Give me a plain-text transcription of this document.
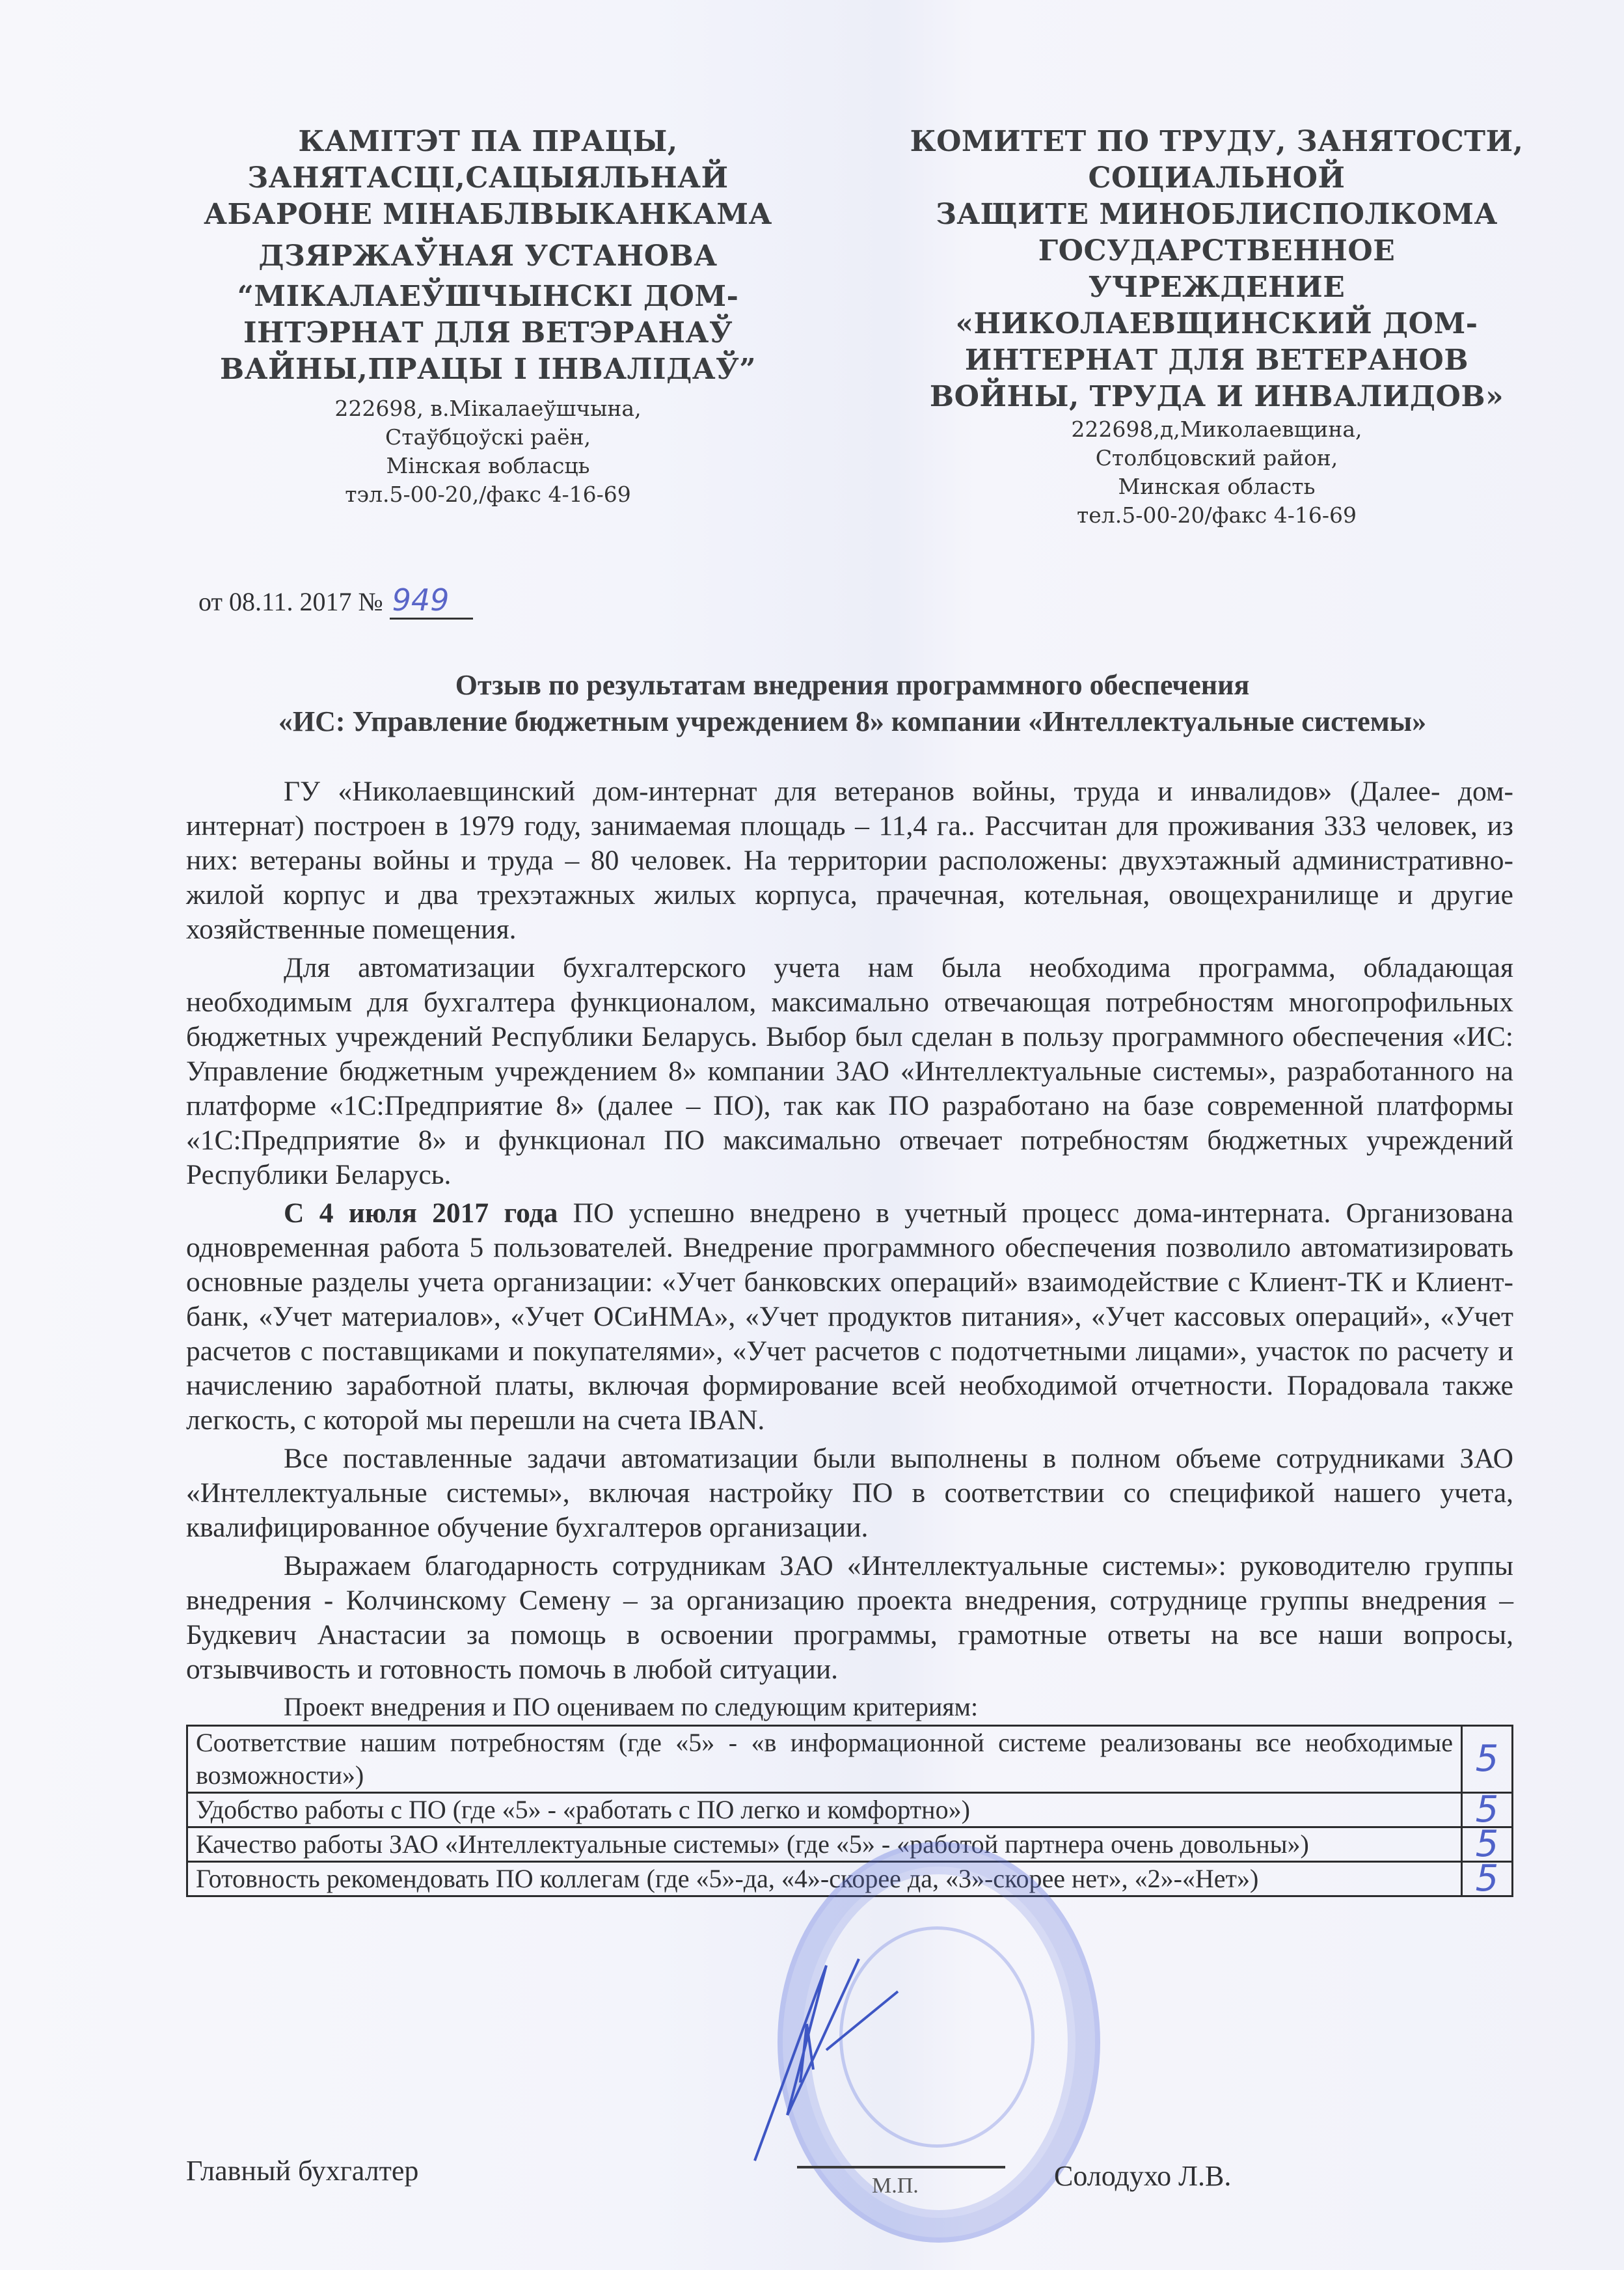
КАМІТЭТ ПА ПРАЦЫ,
ЗАНЯТАСЦІ,САЦЫЯЛЬНАЙ
АБАРОНЕ МІНАБЛВЫКАНКАМА
ДЗЯРЖАЎНАЯ УСТАНОВА
“МІКАЛАЕЎШЧЫНСКІ ДОМ-
ІНТЭРНАТ ДЛЯ ВЕТЭРАНАЎ
ВАЙНЫ,ПРАЦЫ І ІНВАЛІДАЎ”
222698, в.Мікалаеўшчына,
Стаўбцоўскі раён,
Мінская вобласць
тэл.5-00-20,/факс 4-16-69
КОМИТЕТ ПО ТРУДУ, ЗАНЯТОСТИ,
СОЦИАЛЬНОЙ
ЗАЩИТЕ МИНОБЛИСПОЛКОМА
ГОСУДАРСТВЕННОЕ
УЧРЕЖДЕНИЕ
«НИКОЛАЕВЩИНСКИЙ ДОМ-
ИНТЕРНАТ ДЛЯ ВЕТЕРАНОВ
ВОЙНЫ, ТРУДА И ИНВАЛИДОВ»
222698,д,Миколаевщина,
Столбцовский район,
Минская область
тел.5-00-20/факс 4-16-69
от 08.11. 2017 № 949
Отзыв по результатам внедрения программного обеспечения
«ИС: Управление бюджетным учреждением 8» компании «Интеллектуальные системы»

ГУ «Николаевщинский дом-интернат для ветеранов войны, труда и инвалидов» (Далее- дом-интернат) построен в 1979 году, занимаемая площадь – 11,4 га.. Рассчитан для проживания 333 человек, из них: ветераны войны и труда – 80 человек. На территории расположены: двухэтажный административно-жилой корпус и два трехэтажных жилых корпуса, прачечная, котельная, овощехранилище и другие хозяйственные помещения.

Для автоматизации бухгалтерского учета нам была необходима программа, обладающая необходимым для бухгалтера функционалом, максимально отвечающая потребностям многопрофильных бюджетных учреждений Республики Беларусь. Выбор был сделан в пользу программного обеспечения «ИС: Управление бюджетным учреждением 8» компании ЗАО «Интеллектуальные системы», разработанного на платформе «1С:Предприятие 8» (далее – ПО), так как ПО разработано на базе современной платформы «1С:Предприятие 8» и функционал ПО максимально отвечает потребностям бюджетных учреждений Республики Беларусь.

С 4 июля 2017 года ПО успешно внедрено в учетный процесс дома-интерната. Организована одновременная работа 5 пользователей. Внедрение программного обеспечения позволило автоматизировать основные разделы учета организации: «Учет банковских операций» взаимодействие с Клиент-ТК и Клиент-банк, «Учет материалов», «Учет ОСиНМА», «Учет продуктов питания», «Учет кассовых операций», «Учет расчетов с поставщиками и покупателями», «Учет расчетов с подотчетными лицами», участок по расчету и начислению заработной платы, включая формирование всей необходимой отчетности. Порадовала также легкость, с которой мы перешли на счета IBAN.

Все поставленные задачи автоматизации были выполнены в полном объеме сотрудниками ЗАО «Интеллектуальные системы», включая настройку ПО в соответствии со спецификой нашего учета, квалифицированное обучение бухгалтеров организации.

Выражаем благодарность сотрудникам ЗАО «Интеллектуальные системы»: руководителю группы внедрения - Колчинскому Семену – за организацию проекта внедрения, сотруднице группы внедрения – Будкевич Анастасии за помощь в освоении программы, грамотные ответы на все наши вопросы, отзывчивость и готовность помочь в любой ситуации.

Проект внедрения и ПО оцениваем по следующим критериям:
Соответствие нашим потребностям (где «5» - «в информационной системе реализованы все необходимые возможности»)	5
Удобство работы с ПО (где «5» - «работать с ПО легко и комфортно»)	5
Качество работы ЗАО «Интеллектуальные системы» (где «5» - «работой партнера очень довольны»)	5
Готовность рекомендовать ПО коллегам (где «5»-да, «4»-скорее да, «3»-скорее нет», «2»-«Нет»)	5
Главный бухгалтер	М.П.	Солодухо Л.В.
